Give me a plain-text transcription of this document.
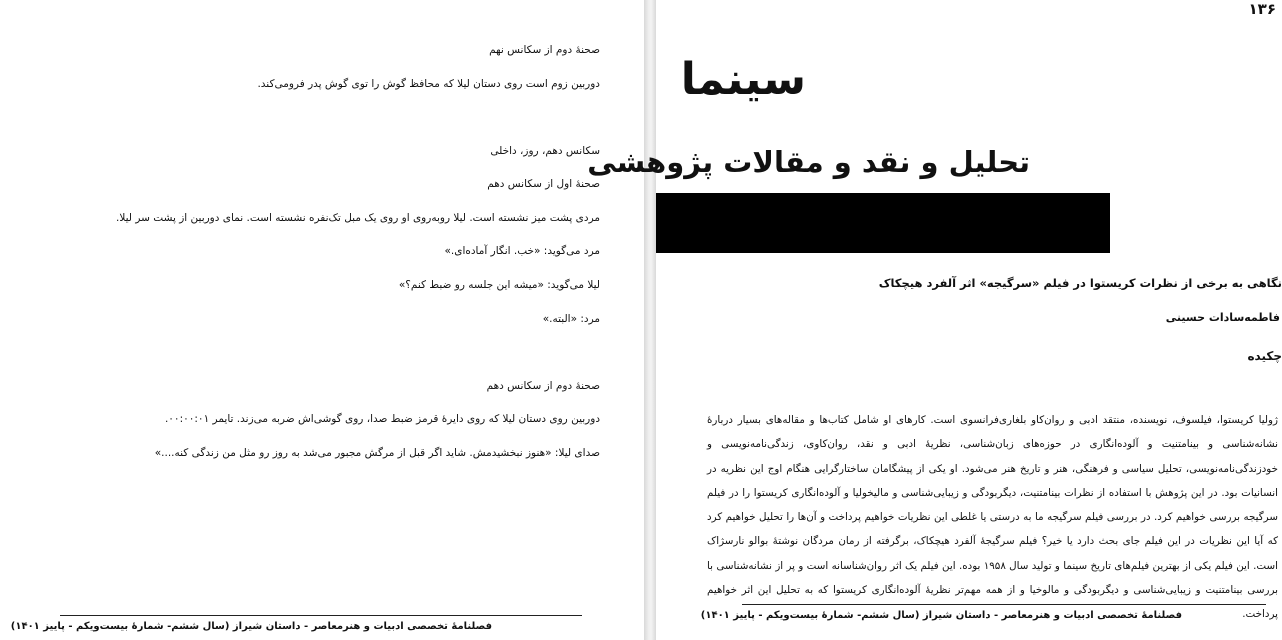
صحنهٔ دوم از سکانس نهم
دوربین زوم است روی دستان لیلا که محافظ گوش را توی گوش پدر فرومی‌کند.
سکانس دهم، روز، داخلی
صحنهٔ اول از سکانس دهم
مردی پشت میز نشسته است. لیلا روبه‌روی او روی یک مبل تک‌نفره نشسته است. نمای دوربین از پشت سر لیلا.
مرد می‌گوید: «خب. انگار آماده‌ای.»
لیلا می‌گوید: «میشه این جلسه رو ضبط کنم؟»
مرد: «البته.»
صحنهٔ دوم از سکانس دهم
دوربین روی دستان لیلا که روی دایرهٔ قرمز ضبط صدا، روی گوشی‌اش ضربه می‌زند. تایمر ۰۰:۰۰:۰۱.
صدای لیلا: «هنوز نبخشیدمش. شاید اگر قبل از مرگش مجبور می‌شد به روز رو مثل من زندگی کنه....»
فصلنامهٔ تخصصی ادبیات و هنرمعاصر - داستان شیراز (سال ششم- شمارهٔ بیست‌ویکم - پاییز ۱۴۰۱)
۱۳۶
سینما
تحلیل و نقد و مقالات پژوهشی
نگاهی به برخی از نظرات کریستوا در فیلم «سرگیجه» اثر آلفرد هیچکاک
فاطمه‌سادات حسینی
چکیده
ژولیا کریستوا، فیلسوف، نویسنده، منتقد ادبی و روان‌کاو بلغاری‌فرانسوی است. کارهای او شامل کتاب‌ها و مقاله‌های بسیار دربارهٔ نشانه‌شناسی و بینامتنیت و آلوده‌انگاری در حوزه‌های زبان‌شناسی، نظریهٔ ادبی و نقد، روان‌کاوی، زندگی‌نامه‌نویسی و خودزندگی‌نامه‌نویسی، تحلیل سیاسی و فرهنگی، هنر و تاریخ هنر می‌شود. او یکی از پیشگامان ساختارگرایی هنگام اوج این نظریه در انسانیات بود. در این پژوهش با استفاده از نظرات بینامتنیت، دیگربودگی و زیبایی‌شناسی و مالیخولیا و آلوده‌انگاری کریستوا را در فیلم سرگیجه بررسی خواهیم کرد. در بررسی فیلم سرگیجه ما به درستی یا غلطی این نظریات خواهیم پرداخت و آن‌ها را تحلیل خواهیم کرد که آیا این نظریات در این فیلم جای بحث دارد یا خیر؟ فیلم سرگیجهٔ آلفرد هیچکاک، برگرفته از رمان مردگان نوشتهٔ بوالو نارسژاک است. این فیلم یکی از بهترین فیلم‌های تاریخ سینما و تولید سال ۱۹۵۸ بوده. این فیلم یک اثر روان‌شناسانه است و پر از نشانه‌شناسی با بررسی بینامتنیت و زیبایی‌شناسی و دیگربودگی و مالوخیا و از همه مهم‌تر نظریهٔ آلوده‌انگاری کریستوا که به تحلیل این اثر خواهیم پرداخت.
فصلنامهٔ تخصصی ادبیات و هنرمعاصر - داستان شیراز (سال ششم- شمارهٔ بیست‌ویکم - پاییز ۱۴۰۱)
